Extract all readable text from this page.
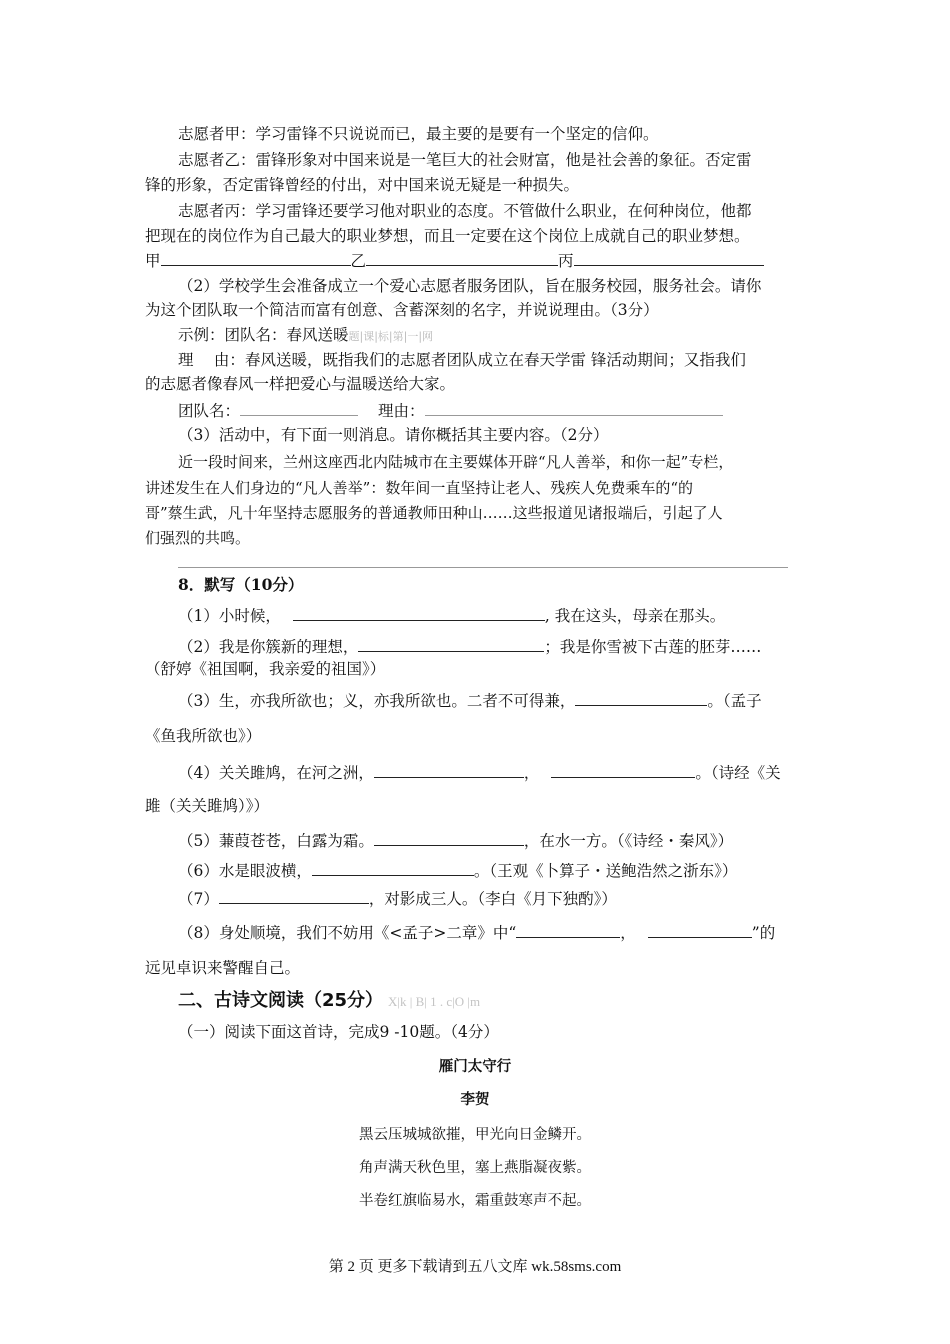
志愿者甲：学习雷锋不只说说而已，最主要的是要有一个坚定的信仰。
志愿者乙：雷锋形象对中国来说是一笔巨大的社会财富，他是社会善的象征。否定雷
锋的形象，否定雷锋曾经的付出，对中国来说无疑是一种损失。
志愿者丙：学习雷锋还要学习他对职业的态度。不管做什么职业，在何种岗位，他都
把现在的岗位作为自己最大的职业梦想，而且一定要在这个岗位上成就自己的职业梦想。
甲	乙	丙
（2）学校学生会准备成立一个爱心志愿者服务团队，旨在服务校园，服务社会。请你
为这个团队取一个简洁而富有创意、含蓄深刻的名字，并说说理由。（3分）
示例：团队名：春风送暖题|课|标|第|一|网
理　 由：春风送暖，既指我们的志愿者团队成立在春天学雷 锋活动期间；又指我们
的志愿者像春风一样把爱心与温暖送给大家。
团队名：	理由：
（3）活动中，有下面一则消息。请你概括其主要内容。（2分）
近一段时间来，兰州这座西北内陆城市在主要媒体开辟“凡人善举，和你一起”专栏，
讲述发生在人们身边的“凡人善举”：数年间一直坚持让老人、残疾人免费乘车的“的
哥”蔡生武，凡十年坚持志愿服务的普通教师田种山……这些报道见诸报端后，引起了人
们强烈的共鸣。
8．默写（10分）
（1）小时候，	, 我在这头，母亲在那头。
（2）我是你簇新的理想，	；我是你雪被下古莲的胚芽……
（舒婷《祖国啊，我亲爱的祖国》）
（3）生，亦我所欲也；义，亦我所欲也。二者不可得兼，	。（孟子
《鱼我所欲也》）
（4）关关雎鸠，在河之洲，	，	。（诗经《关
雎（关关雎鸠）》）
（5）蒹葭苍苍，白露为霜。	，在水一方。（《诗经・秦风》）
（6）水是眼波横，	。（王观《卜算子・送鲍浩然之浙东》）
（7）	，对影成三人。（李白《月下独酌》）
（8）身处顺境，我们不妨用《<孟子>二章》中“	，	”的
远见卓识来警醒自己。
二、古诗文阅读（25分） X|k | B| 1 . c|O |m
（一）阅读下面这首诗，完成9 -10题。（4分）
雁门太守行
李贺
黑云压城城欲摧，甲光向日金鳞开。
角声满天秋色里，塞上燕脂凝夜紫。
半卷红旗临易水，霜重鼓寒声不起。
第 2 页 更多下载请到五八文库 wk.58sms.com
